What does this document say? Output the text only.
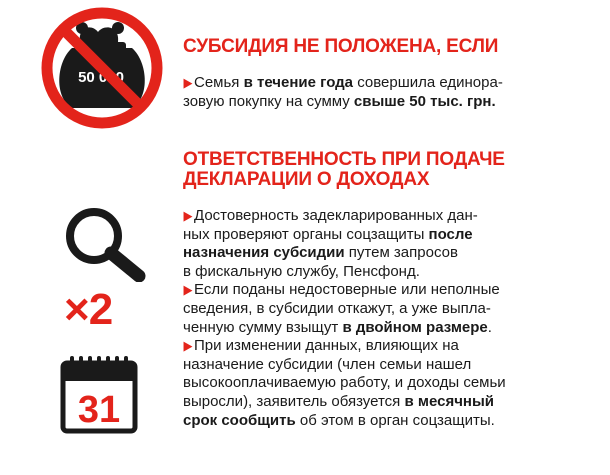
50 000
СУБСИДИЯ НЕ ПОЛОЖЕНА, ЕСЛИ
▶ Семья в течение года совершила единора-
зовую покупку на сумму свыше 50 тыс. грн.
ОТВЕТСТВЕННОСТЬ ПРИ ПОДАЧЕ
ДЕКЛАРАЦИИ О ДОХОДАХ
▶ Достоверность задекларированных дан-
ных проверяют органы соцзащиты после
назначения субсидии путем запросов
в фискальную службу, Пенсфонд.
▶ Если поданы недостоверные или неполные
сведения, в субсидии откажут, а уже выпла-
ченную сумму взыщут в двойном размере.
▶ При изменении данных, влияющих на
назначение субсидии (член семьи нашел
высокооплачиваемую работу, и доходы семьи
выросли), заявитель обязуется в месячный
срок сообщить об этом в орган соцзащиты.
×2
31
